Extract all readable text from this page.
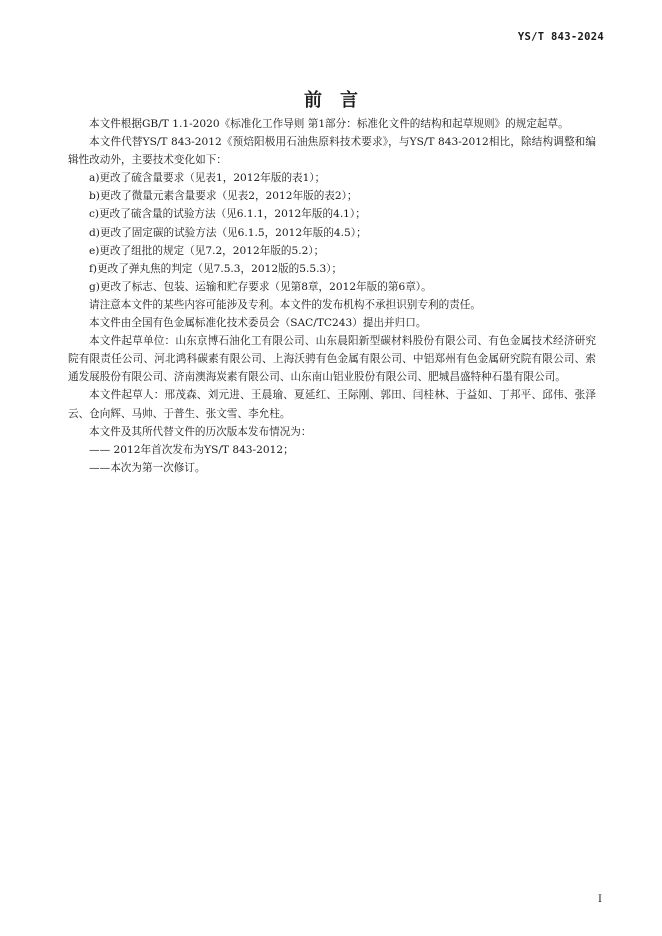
YS/T 843-2024
前言

本文件根据GB/T 1.1-2020《标准化工作导则 第1部分：标准化文件的结构和起草规则》的规定起草。

本文件代替YS/T 843-2012《预焙阳极用石油焦原料技术要求》，与YS/T 843-2012相比，除结构调整和编辑性改动外，主要技术变化如下：

a)更改了硫含量要求（见表1，2012年版的表1）；

b)更改了微量元素含量要求（见表2，2012年版的表2）；

c)更改了硫含量的试验方法（见6.1.1，2012年版的4.1）；

d)更改了固定碳的试验方法（见6.1.5，2012年版的4.5）；

e)更改了组批的规定（见7.2，2012年版的5.2）；

f)更改了弹丸焦的判定（见7.5.3，2012版的5.5.3）；

g)更改了标志、包装、运输和贮存要求（见第8章，2012年版的第6章）。

请注意本文件的某些内容可能涉及专利。本文件的发布机构不承担识别专利的责任。

本文件由全国有色金属标准化技术委员会（SAC/TC243）提出并归口。

本文件起草单位：山东京博石油化工有限公司、山东晨阳新型碳材料股份有限公司、有色金属技术经济研究院有限责任公司、河北鸿科碳素有限公司、上海沃骋有色金属有限公司、中铝郑州有色金属研究院有限公司、索通发展股份有限公司、济南澳海炭素有限公司、山东南山铝业股份有限公司、肥城昌盛特种石墨有限公司。

本文件起草人：邢茂森、刘元进、王晨瑜、夏延红、王际刚、郭田、闫桂林、于益如、丁邦平、邱伟、张泽云、仓向辉、马帅、于普生、张文雪、李允柱。

本文件及其所代替文件的历次版本发布情况为：

—— 2012年首次发布为YS/T 843-2012；

——本次为第一次修订。

I
